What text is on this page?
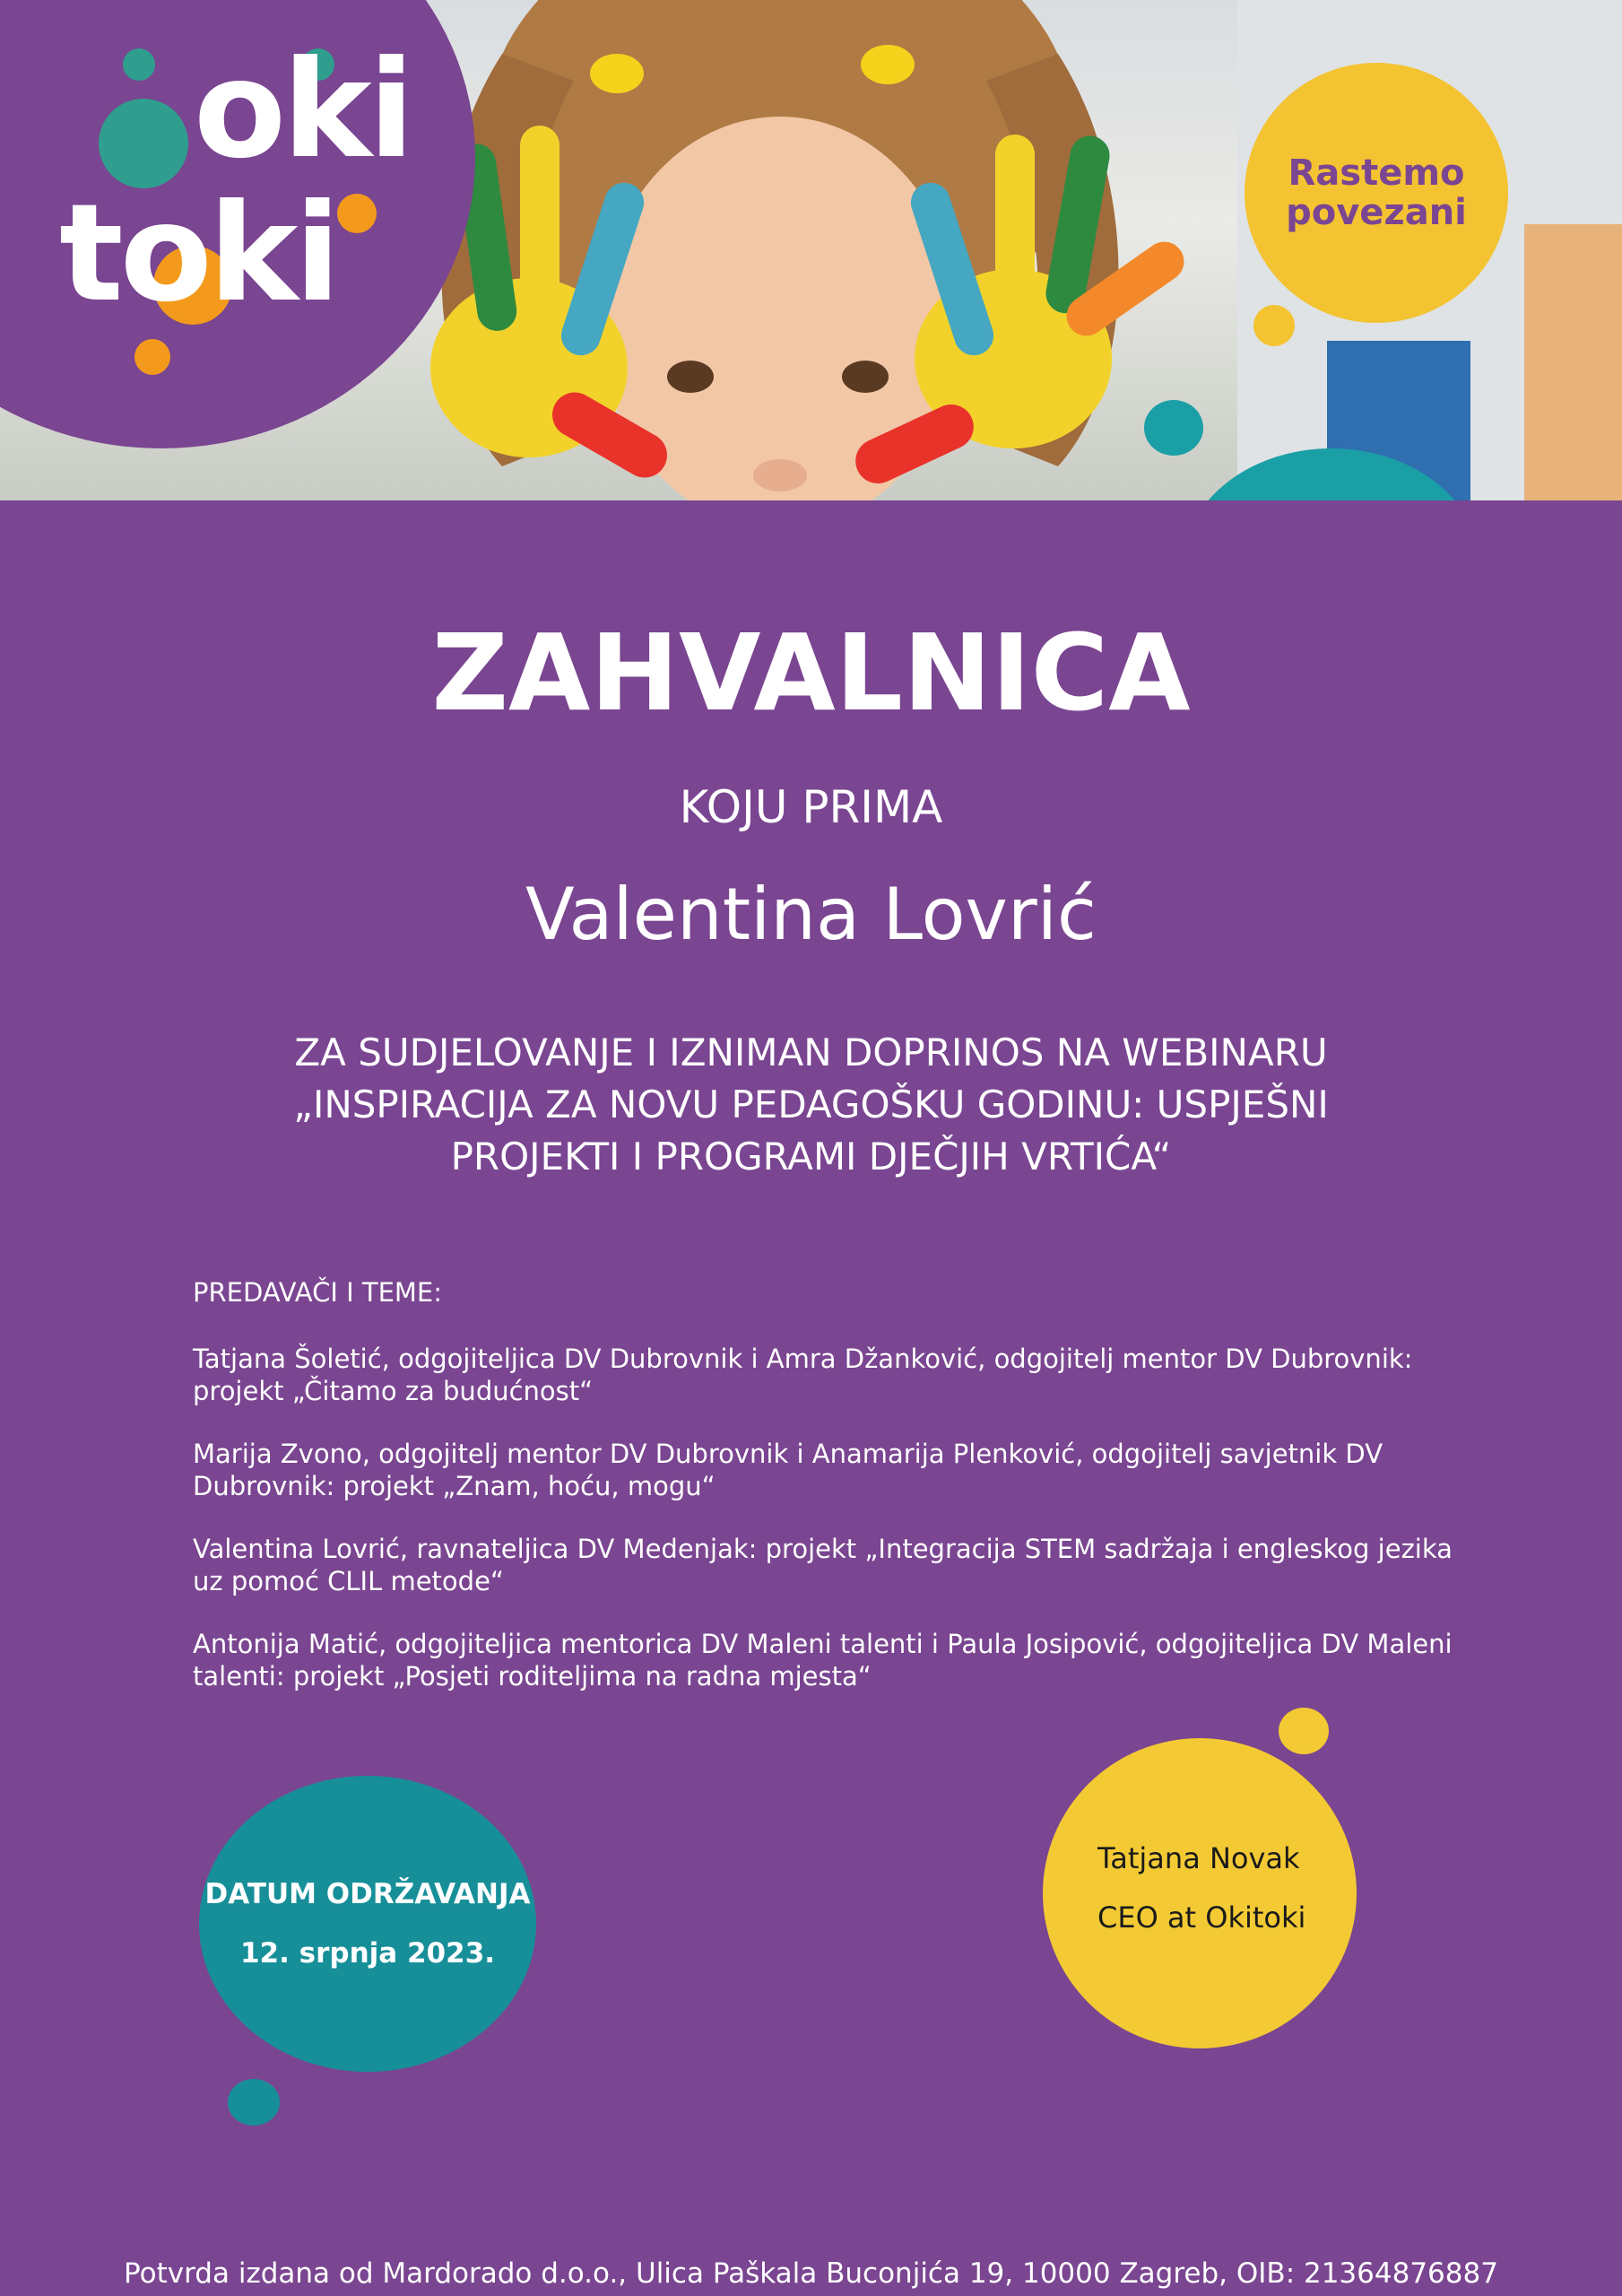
oki
toki
Rastemo
povezani
ZAHVALNICA
KOJU PRIMA
Valentina Lovrić
ZA SUDJELOVANJE I IZNIMAN DOPRINOS NA WEBINARU
„INSPIRACIJA ZA NOVU PEDAGOŠKU GODINU: USPJEŠNI
PROJEKTI I PROGRAMI DJEČJIH VRTIĆA“

PREDAVAČI I TEME:

Tatjana Šoletić, odgojiteljica DV Dubrovnik i Amra Džanković, odgojitelj mentor DV Dubrovnik: projekt „Čitamo za budućnost“

Marija Zvono, odgojitelj mentor DV Dubrovnik i Anamarija Plenković, odgojitelj savjetnik DV Dubrovnik: projekt „Znam, hoću, mogu“

Valentina Lovrić, ravnateljica DV Medenjak: projekt „Integracija STEM sadržaja i engleskog jezika uz pomoć CLIL metode“

Antonija Matić, odgojiteljica mentorica DV Maleni talenti i Paula Josipović, odgojiteljica DV Maleni talenti: projekt „Posjeti roditeljima na radna mjesta“

DATUM ODRŽAVANJA
12. srpnja 2023.
Tatjana Novak
CEO at Okitoki
Potvrda izdana od Mardorado d.o.o., Ulica Paškala Buconjića 19, 10000 Zagreb, OIB: 21364876887
